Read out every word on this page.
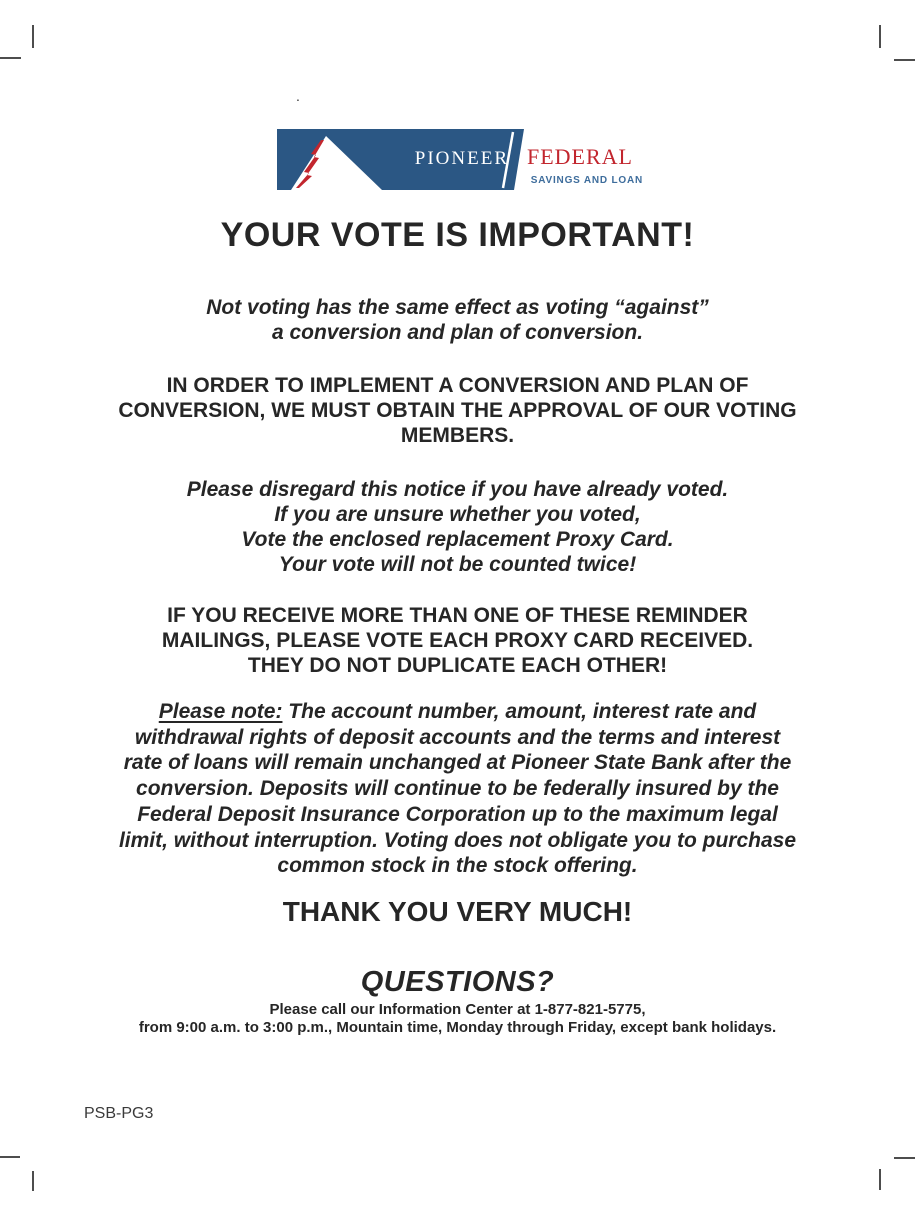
.
pioneer federal
SAVINGS AND LOAN
YOUR VOTE IS IMPORTANT!
Not voting has the same effect as voting “against”
a conversion and plan of conversion.
IN ORDER TO IMPLEMENT A CONVERSION AND PLAN OF
CONVERSION, WE MUST OBTAIN THE APPROVAL OF OUR VOTING
MEMBERS.
Please disregard this notice if you have already voted.
If you are unsure whether you voted,
Vote the enclosed replacement Proxy Card.
Your vote will not be counted twice!
IF YOU RECEIVE MORE THAN ONE OF THESE REMINDER
MAILINGS, PLEASE VOTE EACH PROXY CARD RECEIVED.
THEY DO NOT DUPLICATE EACH OTHER!
Please note: The account number, amount, interest rate and
withdrawal rights of deposit accounts and the terms and interest
rate of loans will remain unchanged at Pioneer State Bank after the
conversion. Deposits will continue to be federally insured by the
Federal Deposit Insurance Corporation up to the maximum legal
limit, without interruption. Voting does not obligate you to purchase
common stock in the stock offering.
THANK YOU VERY MUCH!
QUESTIONS?
Please call our Information Center at 1-877-821-5775,
from 9:00 a.m. to 3:00 p.m., Mountain time, Monday through Friday, except bank holidays.
PSB-PG3
